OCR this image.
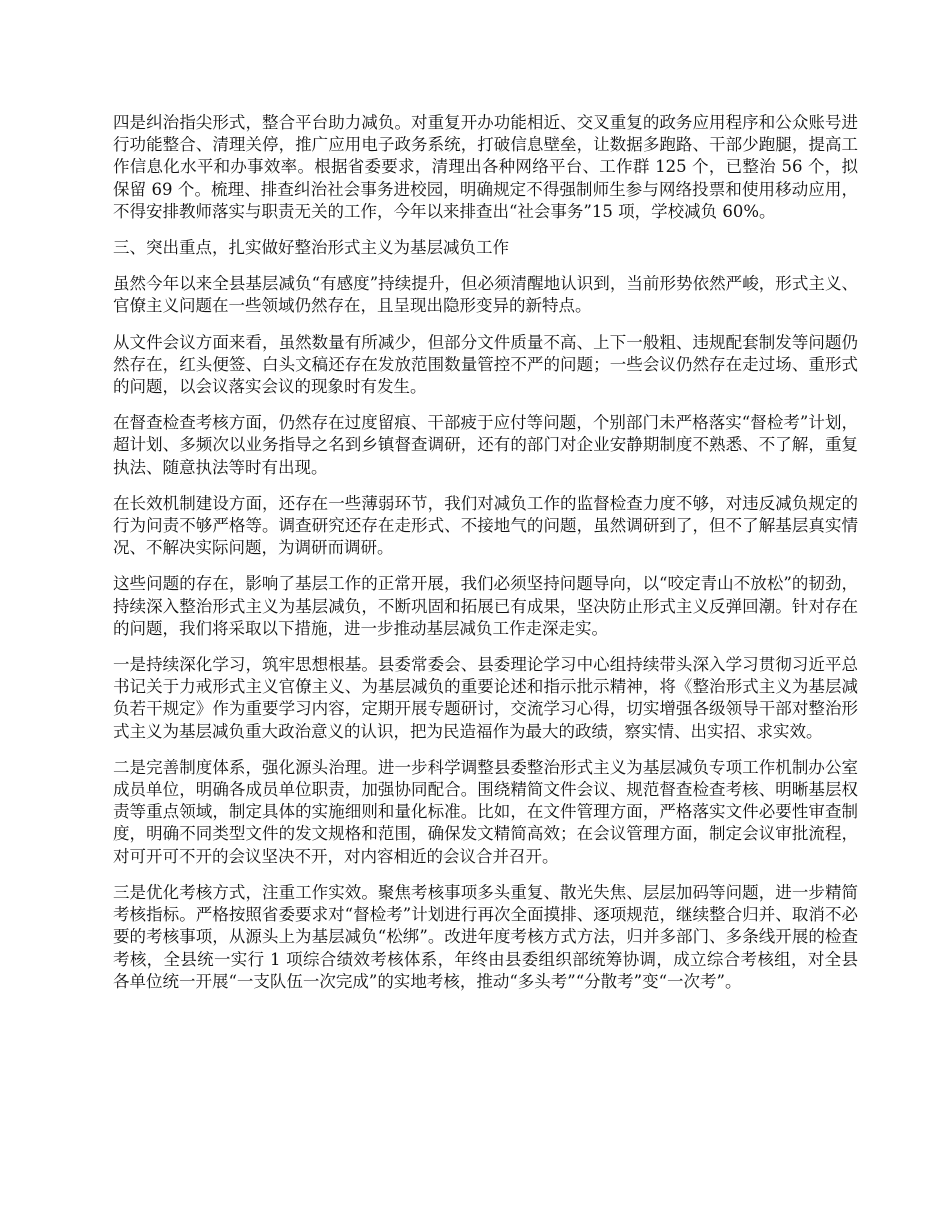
四是纠治指尖形式，整合平台助力减负。对重复开办功能相近、交叉重复的政务应用程序和公众账号进行功能整合、清理关停，推广应用电子政务系统，打破信息壁垒，让数据多跑路、干部少跑腿，提高工作信息化水平和办事效率。根据省委要求，清理出各种网络平台、工作群 125 个，已整治 56 个，拟保留 69 个。梳理、排查纠治社会事务进校园，明确规定不得强制师生参与网络投票和使用移动应用，不得安排教师落实与职责无关的工作，今年以来排查出“社会事务”15 项，学校减负 60%。

三、突出重点，扎实做好整治形式主义为基层减负工作

虽然今年以来全县基层减负“有感度”持续提升，但必须清醒地认识到，当前形势依然严峻，形式主义、官僚主义问题在一些领域仍然存在，且呈现出隐形变异的新特点。

从文件会议方面来看，虽然数量有所减少，但部分文件质量不高、上下一般粗、违规配套制发等问题仍然存在，红头便签、白头文稿还存在发放范围数量管控不严的问题；一些会议仍然存在走过场、重形式的问题，以会议落实会议的现象时有发生。

在督查检查考核方面，仍然存在过度留痕、干部疲于应付等问题，个别部门未严格落实“督检考”计划，超计划、多频次以业务指导之名到乡镇督查调研，还有的部门对企业安静期制度不熟悉、不了解，重复执法、随意执法等时有出现。

在长效机制建设方面，还存在一些薄弱环节，我们对减负工作的监督检查力度不够，对违反减负规定的行为问责不够严格等。调查研究还存在走形式、不接地气的问题，虽然调研到了，但不了解基层真实情况、不解决实际问题，为调研而调研。

这些问题的存在，影响了基层工作的正常开展，我们必须坚持问题导向，以“咬定青山不放松”的韧劲，持续深入整治形式主义为基层减负，不断巩固和拓展已有成果，坚决防止形式主义反弹回潮。针对存在的问题，我们将采取以下措施，进一步推动基层减负工作走深走实。

一是持续深化学习，筑牢思想根基。县委常委会、县委理论学习中心组持续带头深入学习贯彻习近平总书记关于力戒形式主义官僚主义、为基层减负的重要论述和指示批示精神，将《整治形式主义为基层减负若干规定》作为重要学习内容，定期开展专题研讨，交流学习心得，切实增强各级领导干部对整治形式主义为基层减负重大政治意义的认识，把为民造福作为最大的政绩，察实情、出实招、求实效。

二是完善制度体系，强化源头治理。进一步科学调整县委整治形式主义为基层减负专项工作机制办公室成员单位，明确各成员单位职责，加强协同配合。围绕精简文件会议、规范督查检查考核、明晰基层权责等重点领域，制定具体的实施细则和量化标准。比如，在文件管理方面，严格落实文件必要性审查制度，明确不同类型文件的发文规格和范围，确保发文精简高效；在会议管理方面，制定会议审批流程，对可开可不开的会议坚决不开，对内容相近的会议合并召开。

三是优化考核方式，注重工作实效。聚焦考核事项多头重复、散光失焦、层层加码等问题，进一步精简考核指标。严格按照省委要求对“督检考”计划进行再次全面摸排、逐项规范，继续整合归并、取消不必要的考核事项，从源头上为基层减负“松绑”。改进年度考核方式方法，归并多部门、多条线开展的检查考核，全县统一实行 1 项综合绩效考核体系，年终由县委组织部统筹协调，成立综合考核组，对全县各单位统一开展“一支队伍一次完成”的实地考核，推动“多头考”“分散考”变“一次考”。
